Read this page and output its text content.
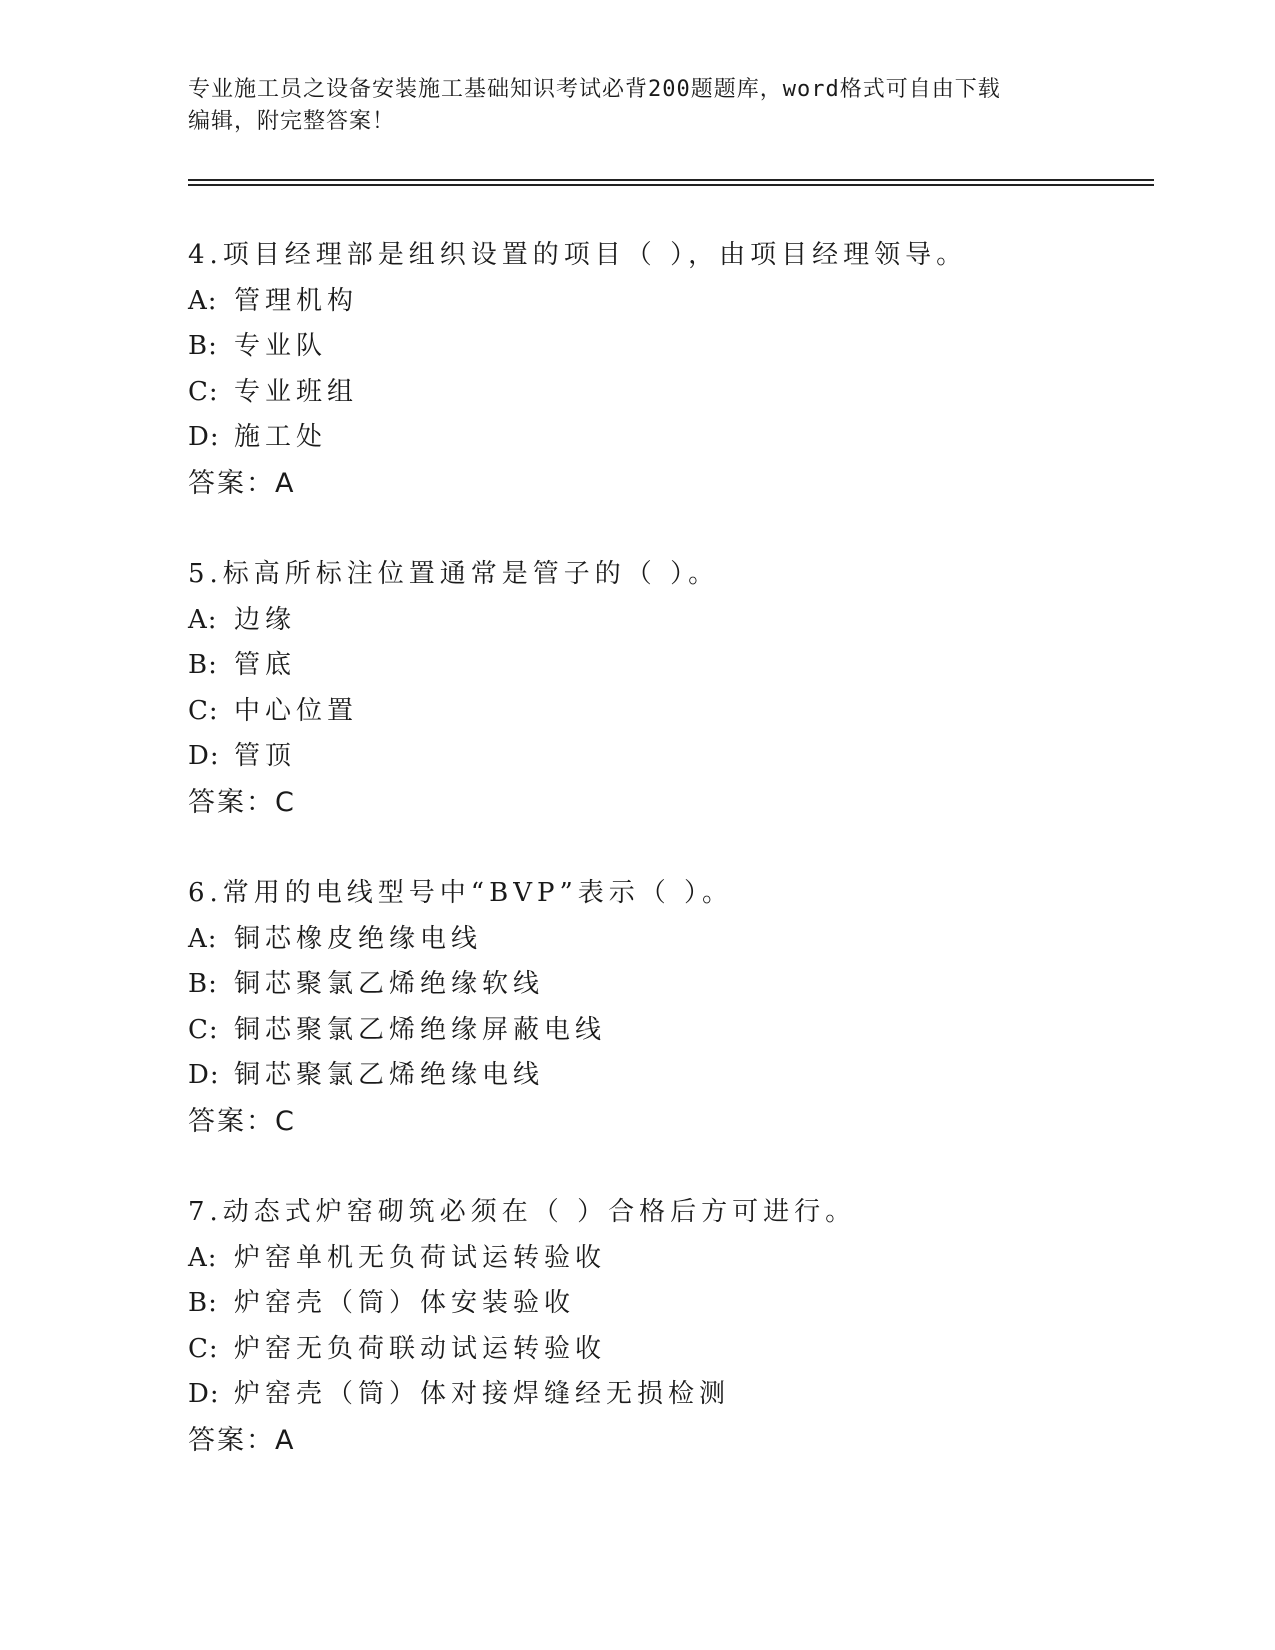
专业施工员之设备安装施工基础知识考试必背200题题库，word格式可自由下载
编辑，附完整答案！
4.项目经理部是组织设置的项目（ ），由项目经理领导。
A: 管理机构
B: 专业队
C: 专业班组
D: 施工处
答案：A
5.标高所标注位置通常是管子的（ ）。
A: 边缘
B: 管底
C: 中心位置
D: 管顶
答案：C
6.常用的电线型号中“BVP”表示（ ）。
A: 铜芯橡皮绝缘电线
B: 铜芯聚氯乙烯绝缘软线
C: 铜芯聚氯乙烯绝缘屏蔽电线
D: 铜芯聚氯乙烯绝缘电线
答案：C
7.动态式炉窑砌筑必须在（ ）合格后方可进行。
A: 炉窑单机无负荷试运转验收
B: 炉窑壳（筒）体安装验收
C: 炉窑无负荷联动试运转验收
D: 炉窑壳（筒）体对接焊缝经无损检测
答案：A
